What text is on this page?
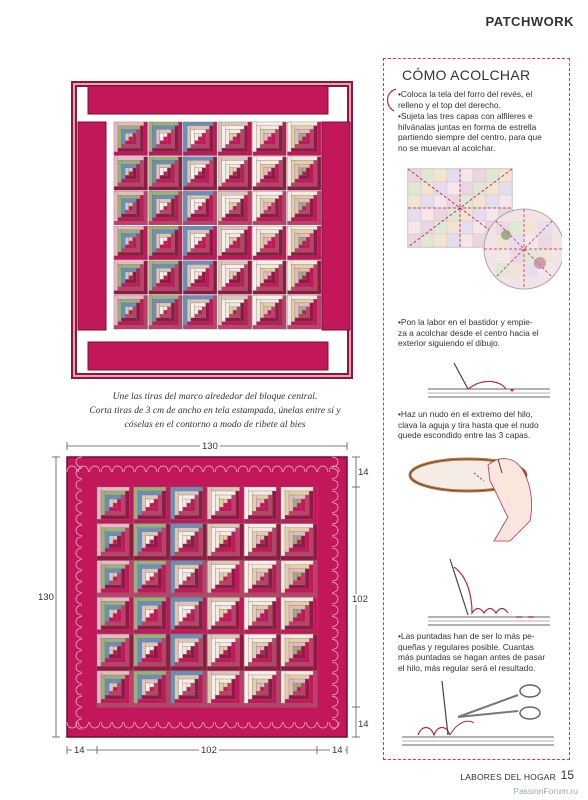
PATCHWORK
Une las tiras del marco alrededor del bloque central.
Corta tiras de 3 cm de ancho en tela estampada, únelas entre sí y
cóselas en el contorno a modo de ribete al bies
130
130
14
102
14
14	102	14
CÓMO ACOLCHAR
•Coloca la tela del forro del revés, el
relleno y el top del derecho.
•Sujeta las tres capas con alfileres e
hilvánalas juntas en forma de estrella
partiendo siempre del centro, para que
no se muevan al acolchar.
•Pon la labor en el bastidor y empie-
za a acolchar desde el centro hacia el
exterior siguiendo el dibujo.
•Haz un nudo en el extremo del hilo,
clava la aguja y tira hasta que el nudo
quede escondido entre las 3 capas.
•Las puntadas han de ser lo más pe-
queñas y regulares posible. Cuantas
más puntadas se hagan antes de pasar
el hilo, más regular será el resultado.
LABORES DEL HOGAR 15
PassionForum.ru
